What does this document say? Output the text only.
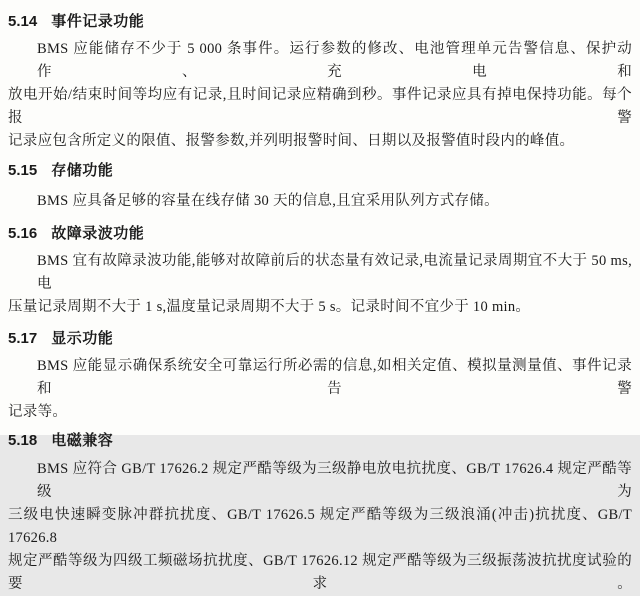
5.14 事件记录功能
BMS 应能储存不少于 5 000 条事件。运行参数的修改、电池管理单元告警信息、保护动作、充电和
放电开始/结束时间等均应有记录,且时间记录应精确到秒。事件记录应具有掉电保持功能。每个报警
记录应包含所定义的限值、报警参数,并列明报警时间、日期以及报警值时段内的峰值。
5.15 存储功能
BMS 应具备足够的容量在线存储 30 天的信息,且宜采用队列方式存储。
5.16 故障录波功能
BMS 宜有故障录波功能,能够对故障前后的状态量有效记录,电流量记录周期宜不大于 50 ms,电
压量记录周期不大于 1 s,温度量记录周期不大于 5 s。记录时间不宜少于 10 min。
5.17 显示功能
BMS 应能显示确保系统安全可靠运行所必需的信息,如相关定值、模拟量测量值、事件记录和告警
记录等。
5.18 电磁兼容
BMS 应符合 GB/T 17626.2 规定严酷等级为三级静电放电抗扰度、GB/T 17626.4 规定严酷等级为
三级电快速瞬变脉冲群抗扰度、GB/T 17626.5 规定严酷等级为三级浪涌(冲击)抗扰度、GB/T 17626.8
规定严酷等级为四级工频磁场抗扰度、GB/T 17626.12 规定严酷等级为三级振荡波抗扰度试验的要求。
